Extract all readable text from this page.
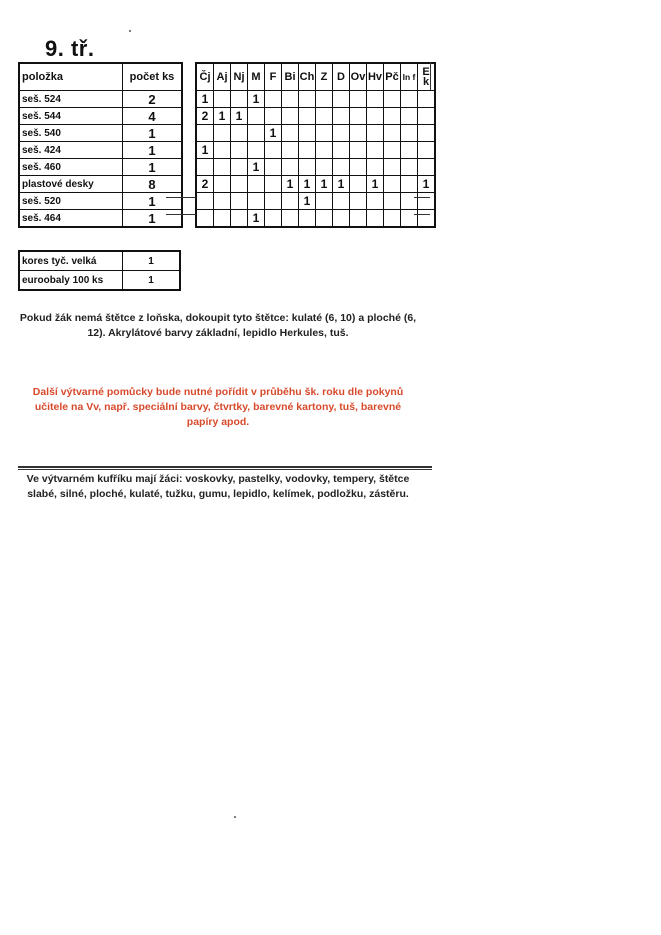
9. tř.
položka	počet ks
seš. 524	2
seš. 544	4
seš. 540	1
seš. 424	1
seš. 460	1
plastové desky	8
seš. 520	1
seš. 464	1
Čj	Aj	Nj	M	F	Bi	Ch	Z	D	Ov	Hv	Pč	In f	E k
1			1										
2	1	1											
				1									
1													
			1										
2					1	1	1	1		1			1
						1							
			1										
kores tyč. velká	1
euroobaly 100 ks	1
Pokud žák nemá štětce z loňska, dokoupit tyto štětce: kulaté (6, 10) a ploché (6, 12). Akrylátové barvy základní, lepidlo Herkules, tuš.
Další výtvarné pomůcky bude nutné pořídit v průběhu šk. roku dle pokynů učitele na Vv, např. speciální barvy, čtvrtky, barevné kartony, tuš, barevné papíry apod.
Ve výtvarném kufříku mají žáci: voskovky, pastelky, vodovky, tempery, štětce slabé, silné, ploché, kulaté, tužku, gumu, lepidlo, kelímek, podložku, zástěru.
